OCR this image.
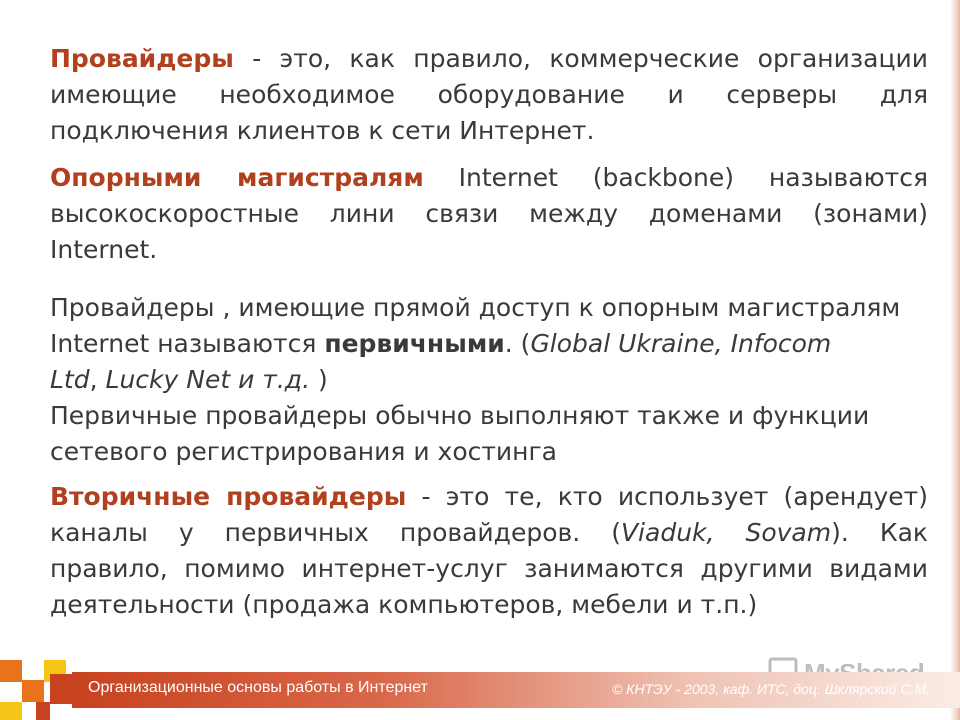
Провайдеры - это, как правило, коммерческие организации

имеющие необходимое оборудование и серверы для

подключения клиентов к сети Интернет.

Опорными магистралям Internet (backbone) называются

высокоскоростные лини связи между доменами (зонами)

Internet.

Провайдеры , имеющие прямой доступ к опорным магистралям

Internet называются первичными. (Global Ukraine, Infocom

Ltd, Lucky Net и т.д. )

Первичные провайдеры обычно выполняют также и функции

сетевого регистрирования и хостинга

Вторичные провайдеры - это те, кто использует (арендует)

каналы у первичных провайдеров. (Viaduk, Sovam). Как

правило, помимо интернет-услуг занимаются другими видами

деятельности (продажа компьютеров, мебели и т.п.)

Организационные основы работы в Интернет	© КНТЭУ - 2003, каф. ИТС, доц. Шклярский С.М.
